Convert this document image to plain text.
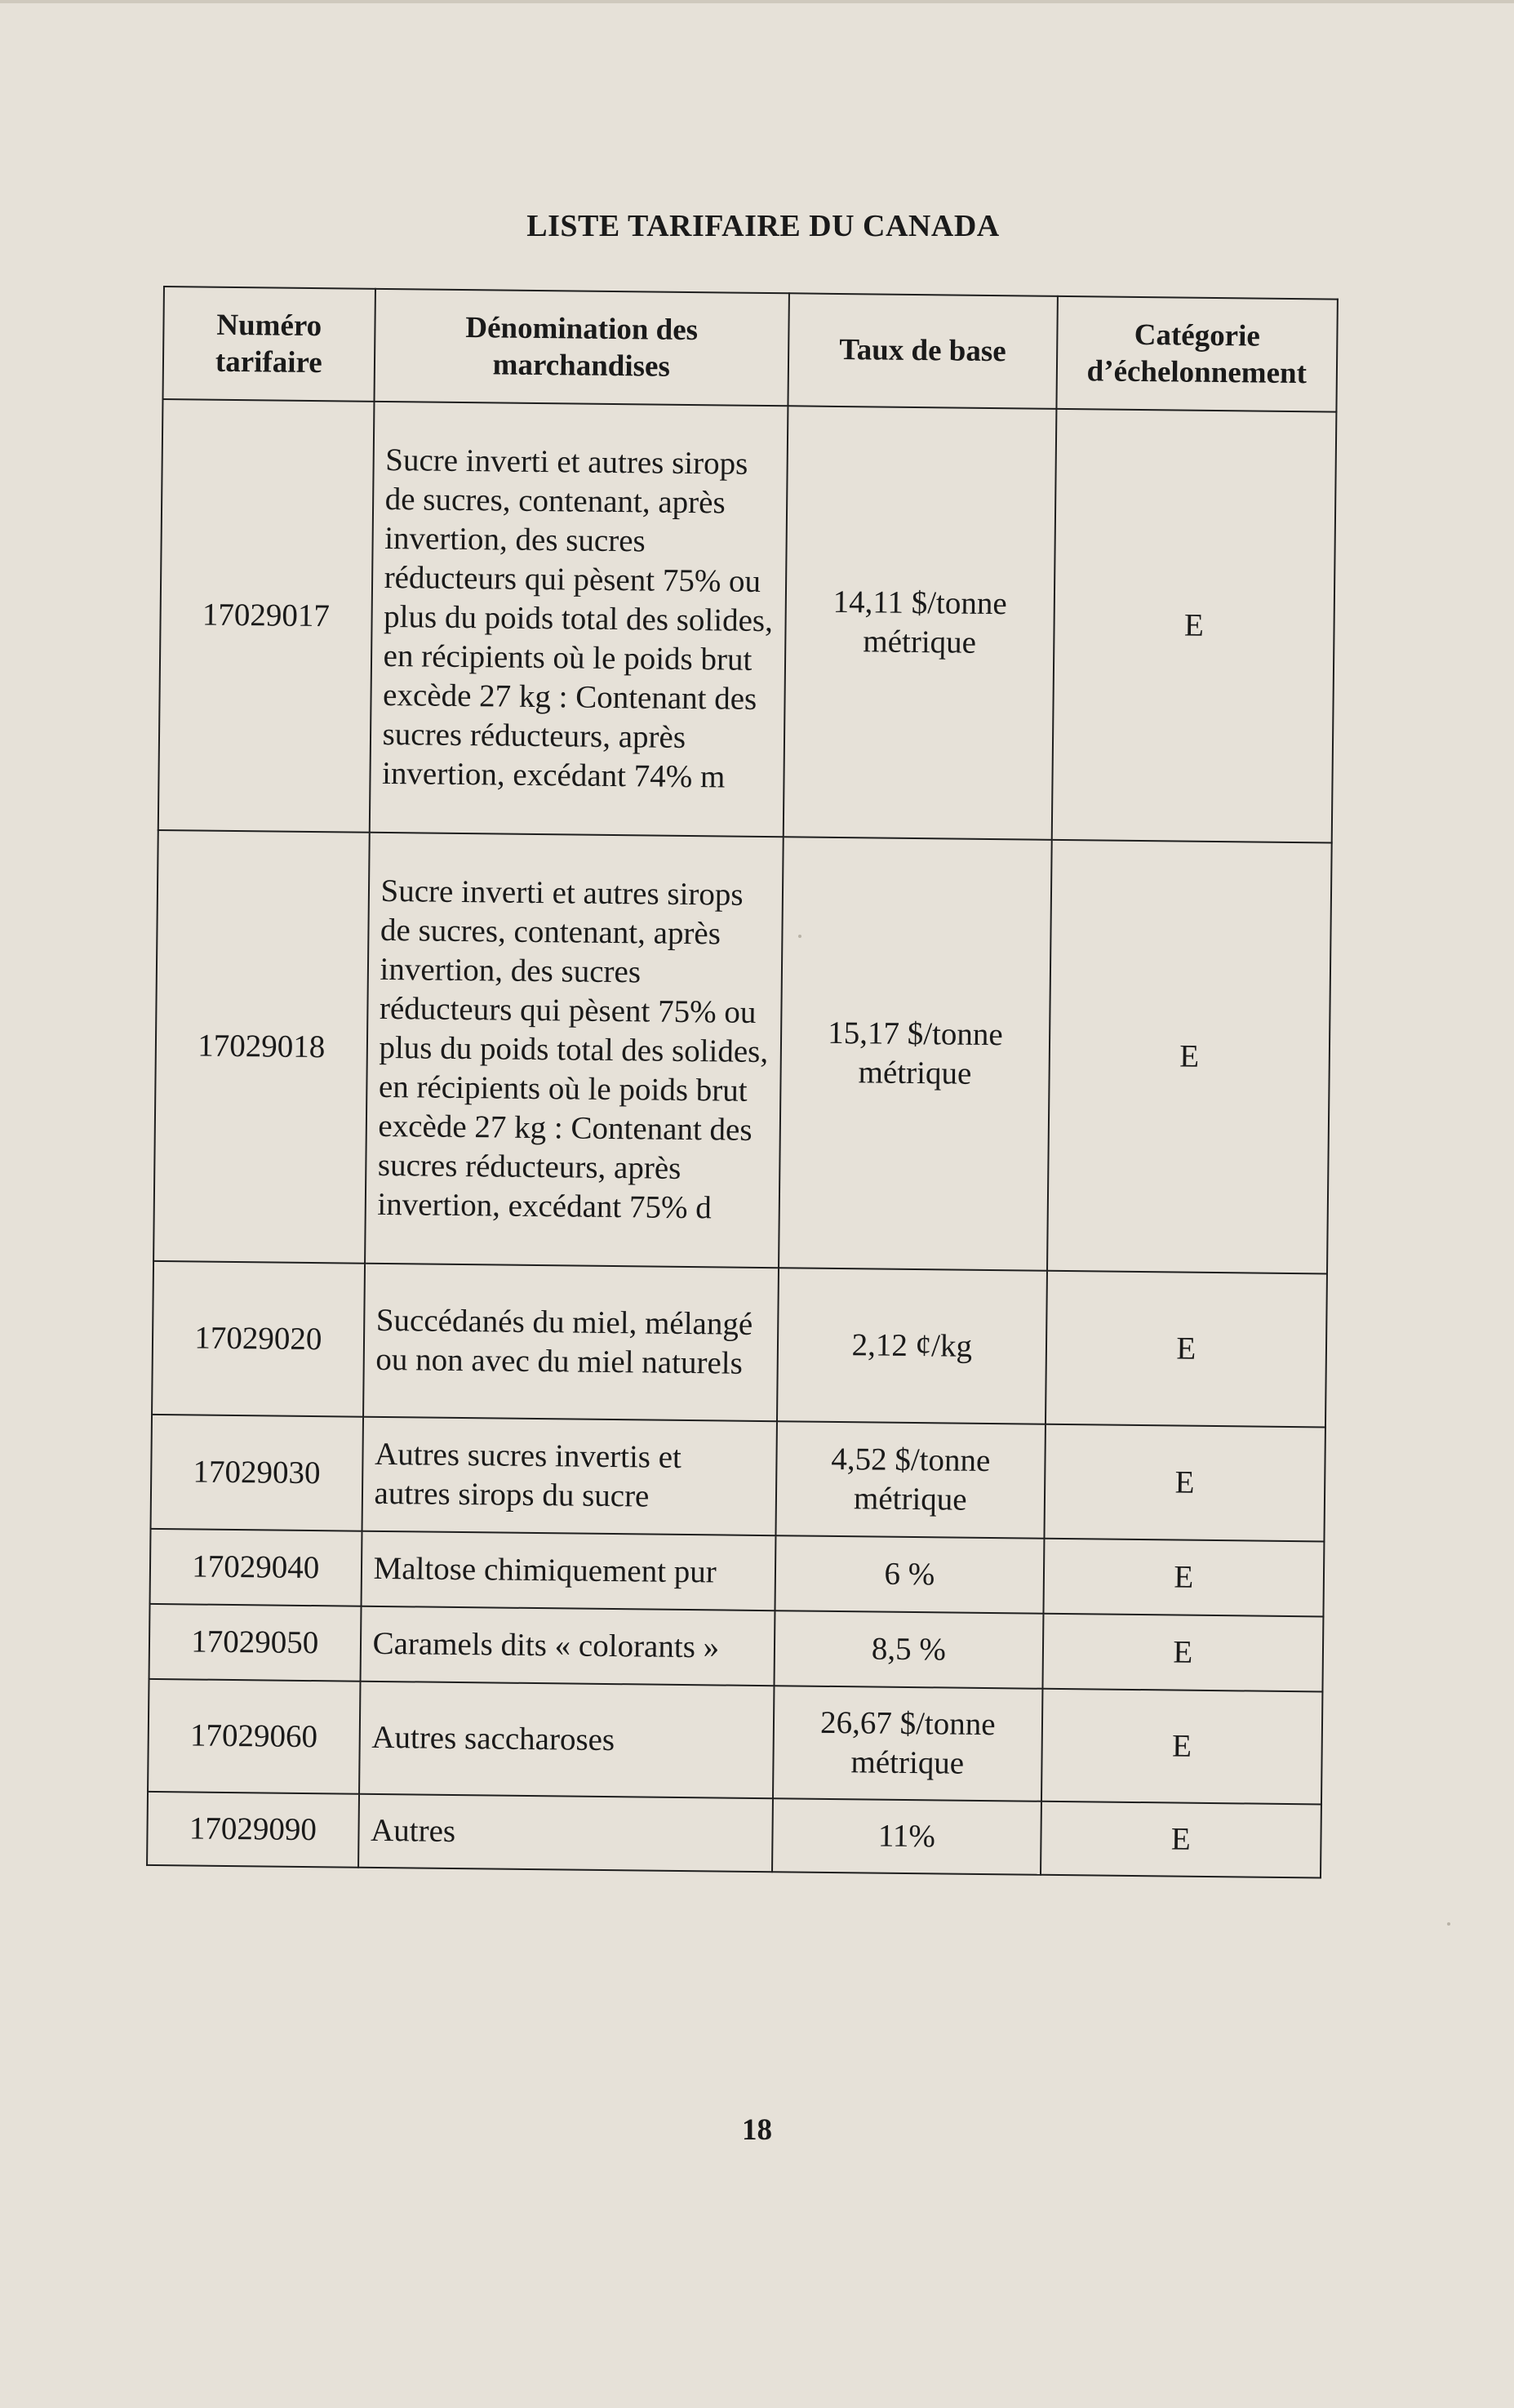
LISTE TARIFAIRE DU CANADA
Numéro tarifaire	Dénomination des marchandises	Taux de base	Catégorie d’échelonnement
17029017	Sucre inverti et autres sirops de sucres, contenant, après invertion, des sucres réducteurs qui pèsent 75% ou plus du poids total des solides, en récipients où le poids brut excède 27 kg : Contenant des sucres réducteurs, après invertion, excédant 74% m	14,11 $/tonne métrique	E
17029018	Sucre inverti et autres sirops de sucres, contenant, après invertion, des sucres réducteurs qui pèsent 75% ou plus du poids total des solides, en récipients où le poids brut excède 27 kg : Contenant des sucres réducteurs, après invertion, excédant 75% d	15,17 $/tonne métrique	E
17029020	Succédanés du miel, mélangé ou non avec du miel naturels	2,12 ¢/kg	E
17029030	Autres sucres invertis et autres sirops du sucre	4,52 $/tonne métrique	E
17029040	Maltose chimiquement pur	6 %	E
17029050	Caramels dits « colorants »	8,5 %	E
17029060	Autres saccharoses	26,67 $/tonne métrique	E
17029090	Autres	11%	E
18
